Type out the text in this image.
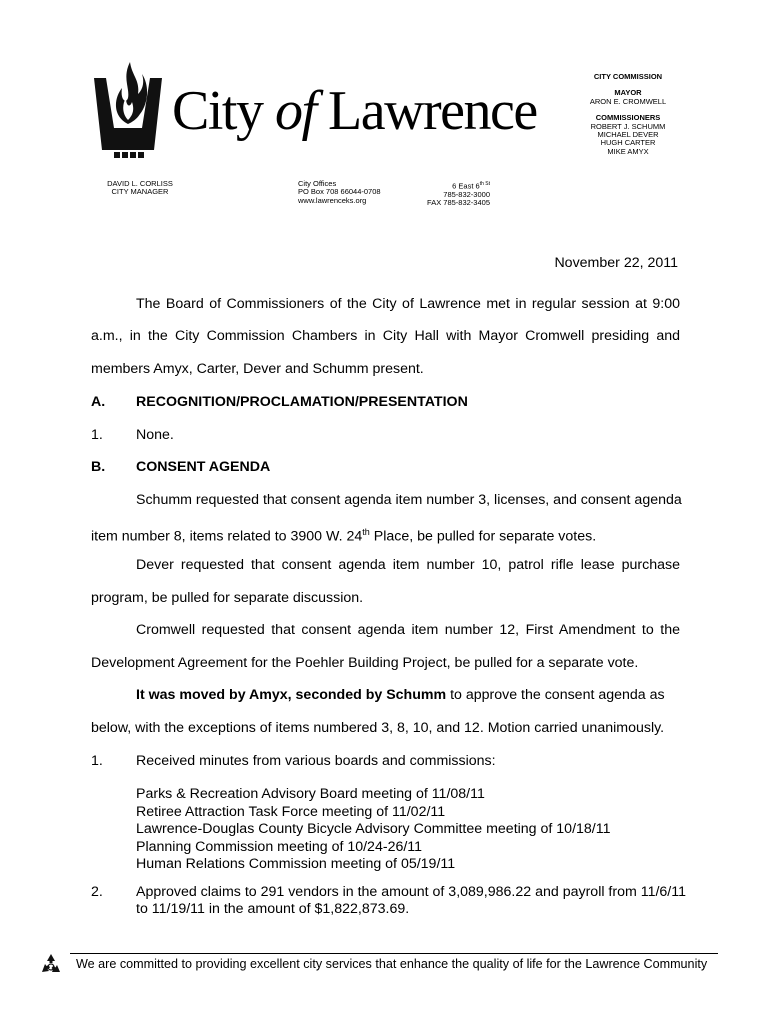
City of Lawrence
CITY COMMISSION
MAYOR
ARON E. CROMWELL
COMMISSIONERS
ROBERT J. SCHUMM
MICHAEL DEVER
HUGH CARTER
MIKE AMYX
DAVID L. CORLISS
CITY MANAGER
City Offices
PO Box 708 66044-0708
www.lawrenceks.org
6 East $6^{th St}$
785-832-3000
FAX 785-832-3405
November 22, 2011
The Board of Commissioners of the City of Lawrence met in regular session at 9:00
a.m., in the City Commission Chambers in City Hall with Mayor Cromwell presiding and
members Amyx, Carter, Dever and Schumm present.
A. RECOGNITION/PROCLAMATION/PRESENTATION
1. None.
B. CONSENT AGENDA
Schumm requested that consent agenda item number 3, licenses, and consent agenda
item number 8, items related to 3900 W. 24th Place, be pulled for separate votes.
Dever requested that consent agenda item number 10, patrol rifle lease purchase
program, be pulled for separate discussion.
Cromwell requested that consent agenda item number 12, First Amendment to the
Development Agreement for the Poehler Building Project, be pulled for a separate vote.
It was moved by Amyx, seconded by Schumm to approve the consent agenda as
below, with the exceptions of items numbered 3, 8, 10, and 12. Motion carried unanimously.
1. Received minutes from various boards and commissions:
Parks & Recreation Advisory Board meeting of 11/08/11
Retiree Attraction Task Force meeting of 11/02/11
Lawrence-Douglas County Bicycle Advisory Committee meeting of 10/18/11
Planning Commission meeting of 10/24-26/11
Human Relations Commission meeting of 05/19/11
2. Approved claims to 291 vendors in the amount of 3,089,986.22 and payroll from 11/6/11
to 11/19/11 in the amount of $1,822,873.69.
We are committed to providing excellent city services that enhance the quality of life for the Lawrence Community
